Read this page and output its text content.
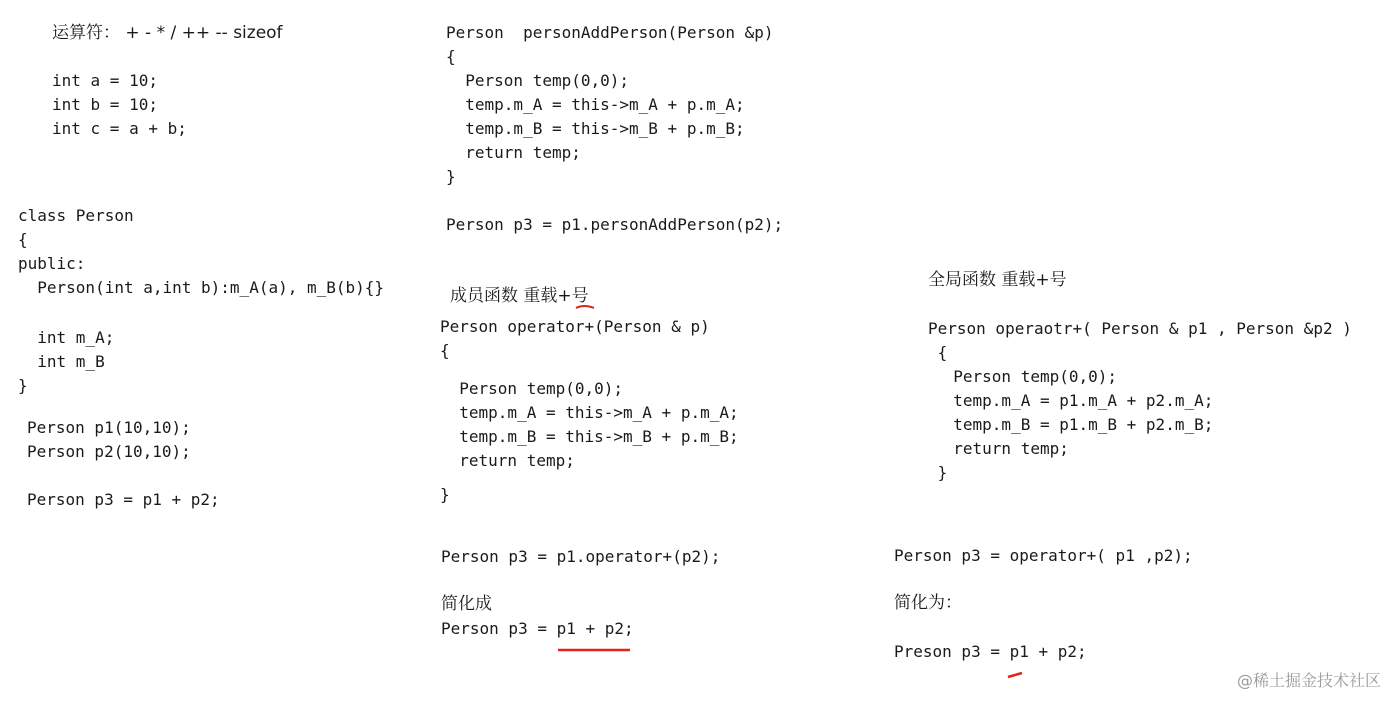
运算符： + - * / ++ -- sizeof
int a = 10;
int b = 10;
int c = a + b;
class Person
{
public:
Person(int a,int b):m_A(a), m_B(b){}
int m_A;
int m_B
}
Person p1(10,10);
Person p2(10,10);
Person p3 = p1 + p2;
Person  personAddPerson(Person &p)
{
Person temp(0,0);
temp.m_A = this->m_A + p.m_A;
temp.m_B = this->m_B + p.m_B;
return temp;
}
Person p3 = p1.personAddPerson(p2);
成员函数 重载+号
Person operator+(Person & p)
{
Person temp(0,0);
temp.m_A = this->m_A + p.m_A;
temp.m_B = this->m_B + p.m_B;
return temp;
}
Person p3 = p1.operator+(p2);
简化成
Person p3 = p1 + p2;
全局函数 重载+号
Person operaotr+( Person & p1 , Person &p2 )
{
Person temp(0,0);
temp.m_A = p1.m_A + p2.m_A;
temp.m_B = p1.m_B + p2.m_B;
return temp;
}
Person p3 = operator+( p1 ,p2);
简化为：
Preson p3 = p1 + p2;
@稀土掘金技术社区
